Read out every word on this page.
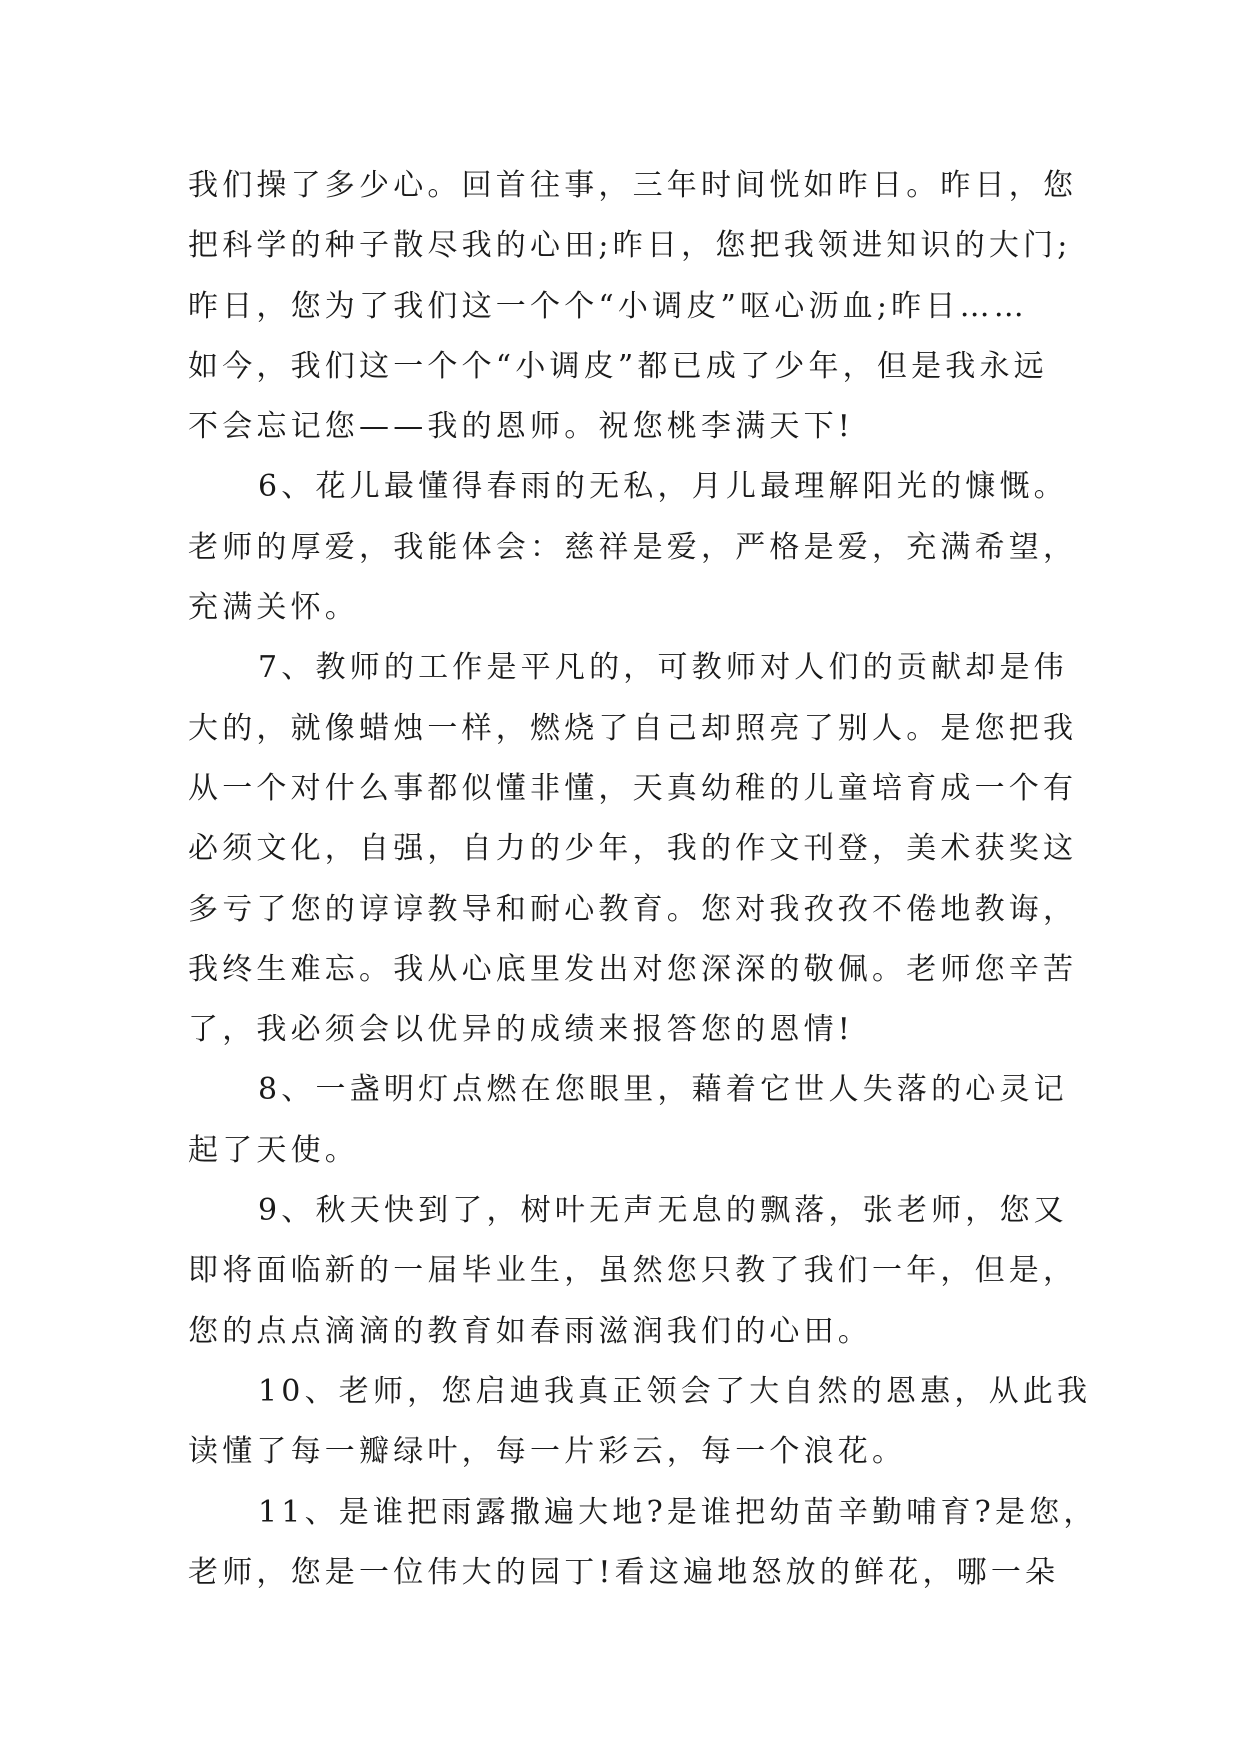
我们操了多少心。回首往事，三年时间恍如昨日。昨日，您
把科学的种子散尽我的心田;昨日，您把我领进知识的大门;
昨日，您为了我们这一个个“小调皮”呕心沥血;昨日……
如今，我们这一个个“小调皮”都已成了少年，但是我永远
不会忘记您——我的恩师。祝您桃李满天下!
6、花儿最懂得春雨的无私，月儿最理解阳光的慷慨。
老师的厚爱，我能体会：慈祥是爱，严格是爱，充满希望，
充满关怀。
7、教师的工作是平凡的，可教师对人们的贡献却是伟
大的，就像蜡烛一样，燃烧了自己却照亮了别人。是您把我
从一个对什么事都似懂非懂，天真幼稚的儿童培育成一个有
必须文化，自强，自力的少年，我的作文刊登，美术获奖这
多亏了您的谆谆教导和耐心教育。您对我孜孜不倦地教诲，
我终生难忘。我从心底里发出对您深深的敬佩。老师您辛苦
了，我必须会以优异的成绩来报答您的恩情!
8、一盏明灯点燃在您眼里，藉着它世人失落的心灵记
起了天使。
9、秋天快到了，树叶无声无息的飘落，张老师，您又
即将面临新的一届毕业生，虽然您只教了我们一年，但是，
您的点点滴滴的教育如春雨滋润我们的心田。
10、老师，您启迪我真正领会了大自然的恩惠，从此我
读懂了每一瓣绿叶，每一片彩云，每一个浪花。
11、是谁把雨露撒遍大地?是谁把幼苗辛勤哺育?是您，
老师，您是一位伟大的园丁!看这遍地怒放的鲜花，哪一朵
